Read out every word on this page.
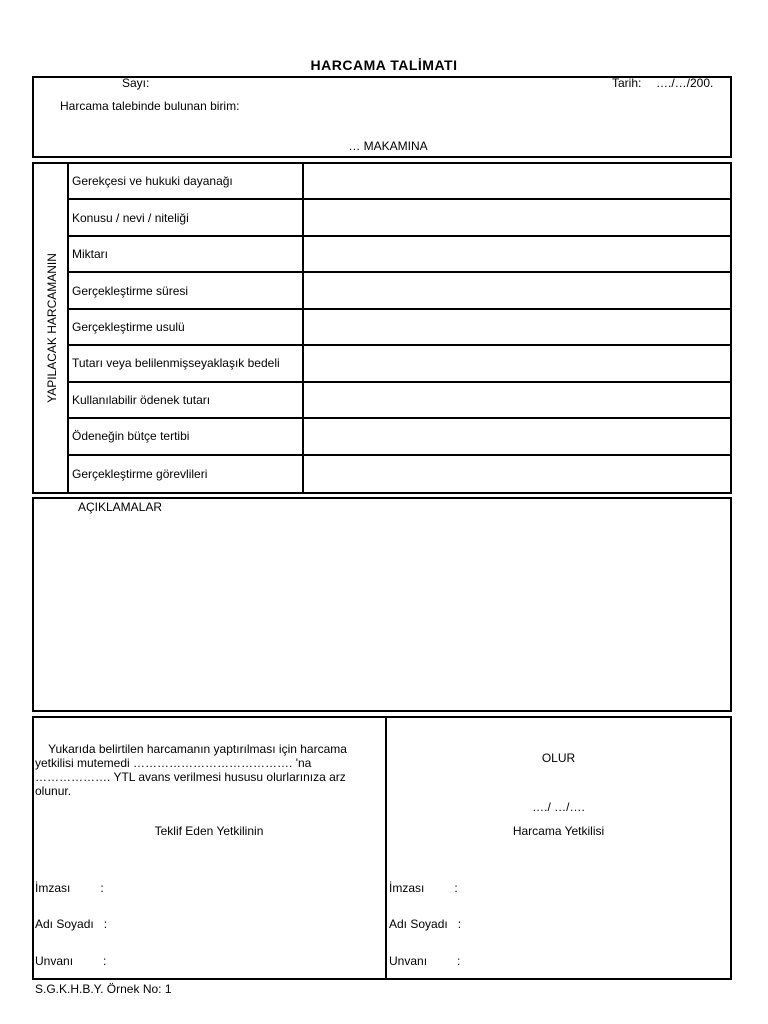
HARCAMA TALİMATI
Sayı:	Tarih: …./…/200.
Harcama talebinde bulunan birim:
… MAKAMINA
YAPILACAK HARCAMANIN
Gerekçesi ve hukuki dayanağı
Konusu / nevi / niteliği
Miktarı
Gerçekleştirme süresi
Gerçekleştirme usulü
Tutarı veya belilenmişseyaklaşık bedeli
Kullanılabilir ödenek tutarı
Ödeneğin bütçe tertibi
Gerçekleştirme görevlileri
AÇIKLAMALAR
Yukarıda belirtilen harcamanın yaptırılması için harcama
yetkilisi mutemedi …………………………………. 'na
………………. YTL avans verilmesi hususu olurlarınıza arz
olunur.
Teklif Eden Yetkilinin
İmzası         :
Adı Soyadı   :
Unvanı         :
OLUR
…./ …/….
Harcama Yetkilisi
İmzası         :
Adı Soyadı   :
Unvanı         :
S.G.K.H.B.Y. Örnek No: 1
